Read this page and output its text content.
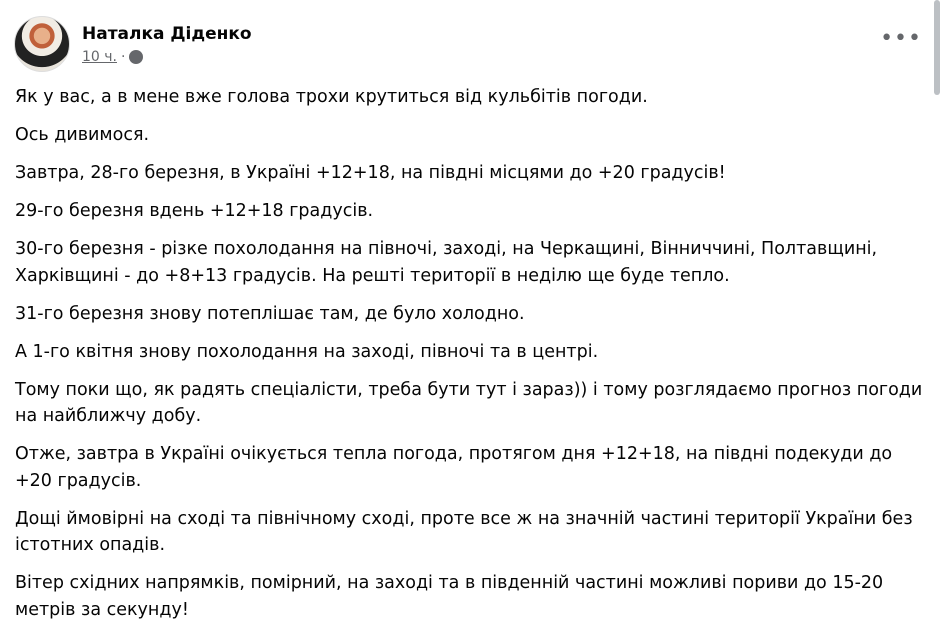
Наталка Діденко
10 ч. ·
•••

Як у вас, а в мене вже голова трохи крутиться від кульбітів погоди.

Ось дивимося.

Завтра, 28-го березня, в Україні +12+18, на півдні місцями до +20 градусів!

29-го березня вдень +12+18 градусів.

30-го березня - різке похолодання на півночі, заході, на Черкащині, Вінниччині, Полтавщині, Харківщині - до +8+13 градусів. На решті території в неділю ще буде тепло.

31-го березня знову потеплішає там, де було холодно.

А 1-го квітня знову похолодання на заході, півночі та в центрі.

Тому поки що, як радять спеціалісти, треба бути тут і зараз)) і тому розглядаємо прогноз погоди на найближчу добу.

Отже, завтра в Україні очікується тепла погода, протягом дня +12+18, на півдні подекуди до +20 градусів.

Дощі ймовірні на сході та північному сході, проте все ж на значній частині території України без істотних опадів.

Вітер східних напрямків, помірний, на заході та в південній частині можливі пориви до 15-20 метрів за секунду!
